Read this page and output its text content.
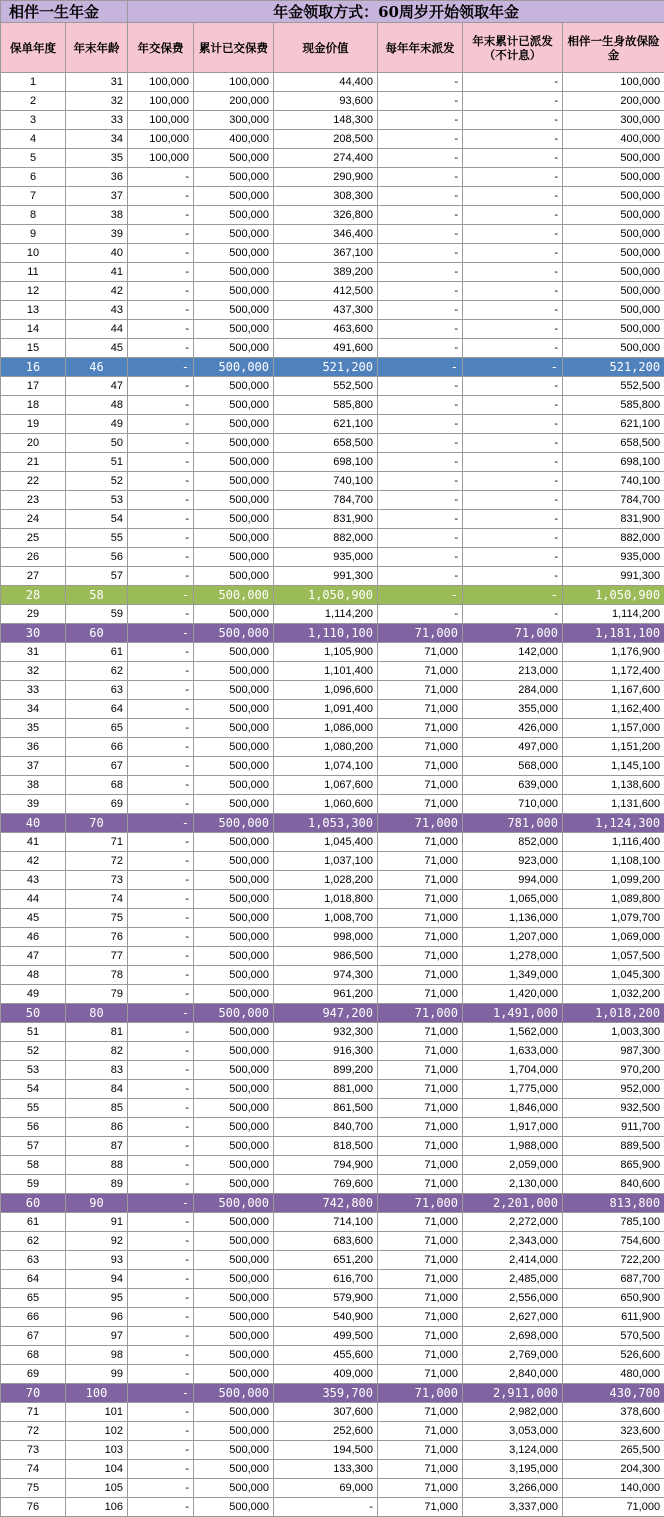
相伴一生年金		年金领取方式：60周岁开始领取年金					
保单年度	年末年龄	年交保费	累计已交保费	现金价值	每年年末派发	年末累计已派发（不计息）	相伴一生身故保险金
1	31	100,000	100,000	44,400	-	-	100,000
2	32	100,000	200,000	93,600	-	-	200,000
3	33	100,000	300,000	148,300	-	-	300,000
4	34	100,000	400,000	208,500	-	-	400,000
5	35	100,000	500,000	274,400	-	-	500,000
6	36	-	500,000	290,900	-	-	500,000
7	37	-	500,000	308,300	-	-	500,000
8	38	-	500,000	326,800	-	-	500,000
9	39	-	500,000	346,400	-	-	500,000
10	40	-	500,000	367,100	-	-	500,000
11	41	-	500,000	389,200	-	-	500,000
12	42	-	500,000	412,500	-	-	500,000
13	43	-	500,000	437,300	-	-	500,000
14	44	-	500,000	463,600	-	-	500,000
15	45	-	500,000	491,600	-	-	500,000
16	46	-	500,000	521,200	-	-	521,200
17	47	-	500,000	552,500	-	-	552,500
18	48	-	500,000	585,800	-	-	585,800
19	49	-	500,000	621,100	-	-	621,100
20	50	-	500,000	658,500	-	-	658,500
21	51	-	500,000	698,100	-	-	698,100
22	52	-	500,000	740,100	-	-	740,100
23	53	-	500,000	784,700	-	-	784,700
24	54	-	500,000	831,900	-	-	831,900
25	55	-	500,000	882,000	-	-	882,000
26	56	-	500,000	935,000	-	-	935,000
27	57	-	500,000	991,300	-	-	991,300
28	58	-	500,000	1,050,900	-	-	1,050,900
29	59	-	500,000	1,114,200	-	-	1,114,200
30	60	-	500,000	1,110,100	71,000	71,000	1,181,100
31	61	-	500,000	1,105,900	71,000	142,000	1,176,900
32	62	-	500,000	1,101,400	71,000	213,000	1,172,400
33	63	-	500,000	1,096,600	71,000	284,000	1,167,600
34	64	-	500,000	1,091,400	71,000	355,000	1,162,400
35	65	-	500,000	1,086,000	71,000	426,000	1,157,000
36	66	-	500,000	1,080,200	71,000	497,000	1,151,200
37	67	-	500,000	1,074,100	71,000	568,000	1,145,100
38	68	-	500,000	1,067,600	71,000	639,000	1,138,600
39	69	-	500,000	1,060,600	71,000	710,000	1,131,600
40	70	-	500,000	1,053,300	71,000	781,000	1,124,300
41	71	-	500,000	1,045,400	71,000	852,000	1,116,400
42	72	-	500,000	1,037,100	71,000	923,000	1,108,100
43	73	-	500,000	1,028,200	71,000	994,000	1,099,200
44	74	-	500,000	1,018,800	71,000	1,065,000	1,089,800
45	75	-	500,000	1,008,700	71,000	1,136,000	1,079,700
46	76	-	500,000	998,000	71,000	1,207,000	1,069,000
47	77	-	500,000	986,500	71,000	1,278,000	1,057,500
48	78	-	500,000	974,300	71,000	1,349,000	1,045,300
49	79	-	500,000	961,200	71,000	1,420,000	1,032,200
50	80	-	500,000	947,200	71,000	1,491,000	1,018,200
51	81	-	500,000	932,300	71,000	1,562,000	1,003,300
52	82	-	500,000	916,300	71,000	1,633,000	987,300
53	83	-	500,000	899,200	71,000	1,704,000	970,200
54	84	-	500,000	881,000	71,000	1,775,000	952,000
55	85	-	500,000	861,500	71,000	1,846,000	932,500
56	86	-	500,000	840,700	71,000	1,917,000	911,700
57	87	-	500,000	818,500	71,000	1,988,000	889,500
58	88	-	500,000	794,900	71,000	2,059,000	865,900
59	89	-	500,000	769,600	71,000	2,130,000	840,600
60	90	-	500,000	742,800	71,000	2,201,000	813,800
61	91	-	500,000	714,100	71,000	2,272,000	785,100
62	92	-	500,000	683,600	71,000	2,343,000	754,600
63	93	-	500,000	651,200	71,000	2,414,000	722,200
64	94	-	500,000	616,700	71,000	2,485,000	687,700
65	95	-	500,000	579,900	71,000	2,556,000	650,900
66	96	-	500,000	540,900	71,000	2,627,000	611,900
67	97	-	500,000	499,500	71,000	2,698,000	570,500
68	98	-	500,000	455,600	71,000	2,769,000	526,600
69	99	-	500,000	409,000	71,000	2,840,000	480,000
70	100	-	500,000	359,700	71,000	2,911,000	430,700
71	101	-	500,000	307,600	71,000	2,982,000	378,600
72	102	-	500,000	252,600	71,000	3,053,000	323,600
73	103	-	500,000	194,500	71,000	3,124,000	265,500
74	104	-	500,000	133,300	71,000	3,195,000	204,300
75	105	-	500,000	69,000	71,000	3,266,000	140,000
76	106	-	500,000	-	71,000	3,337,000	71,000
